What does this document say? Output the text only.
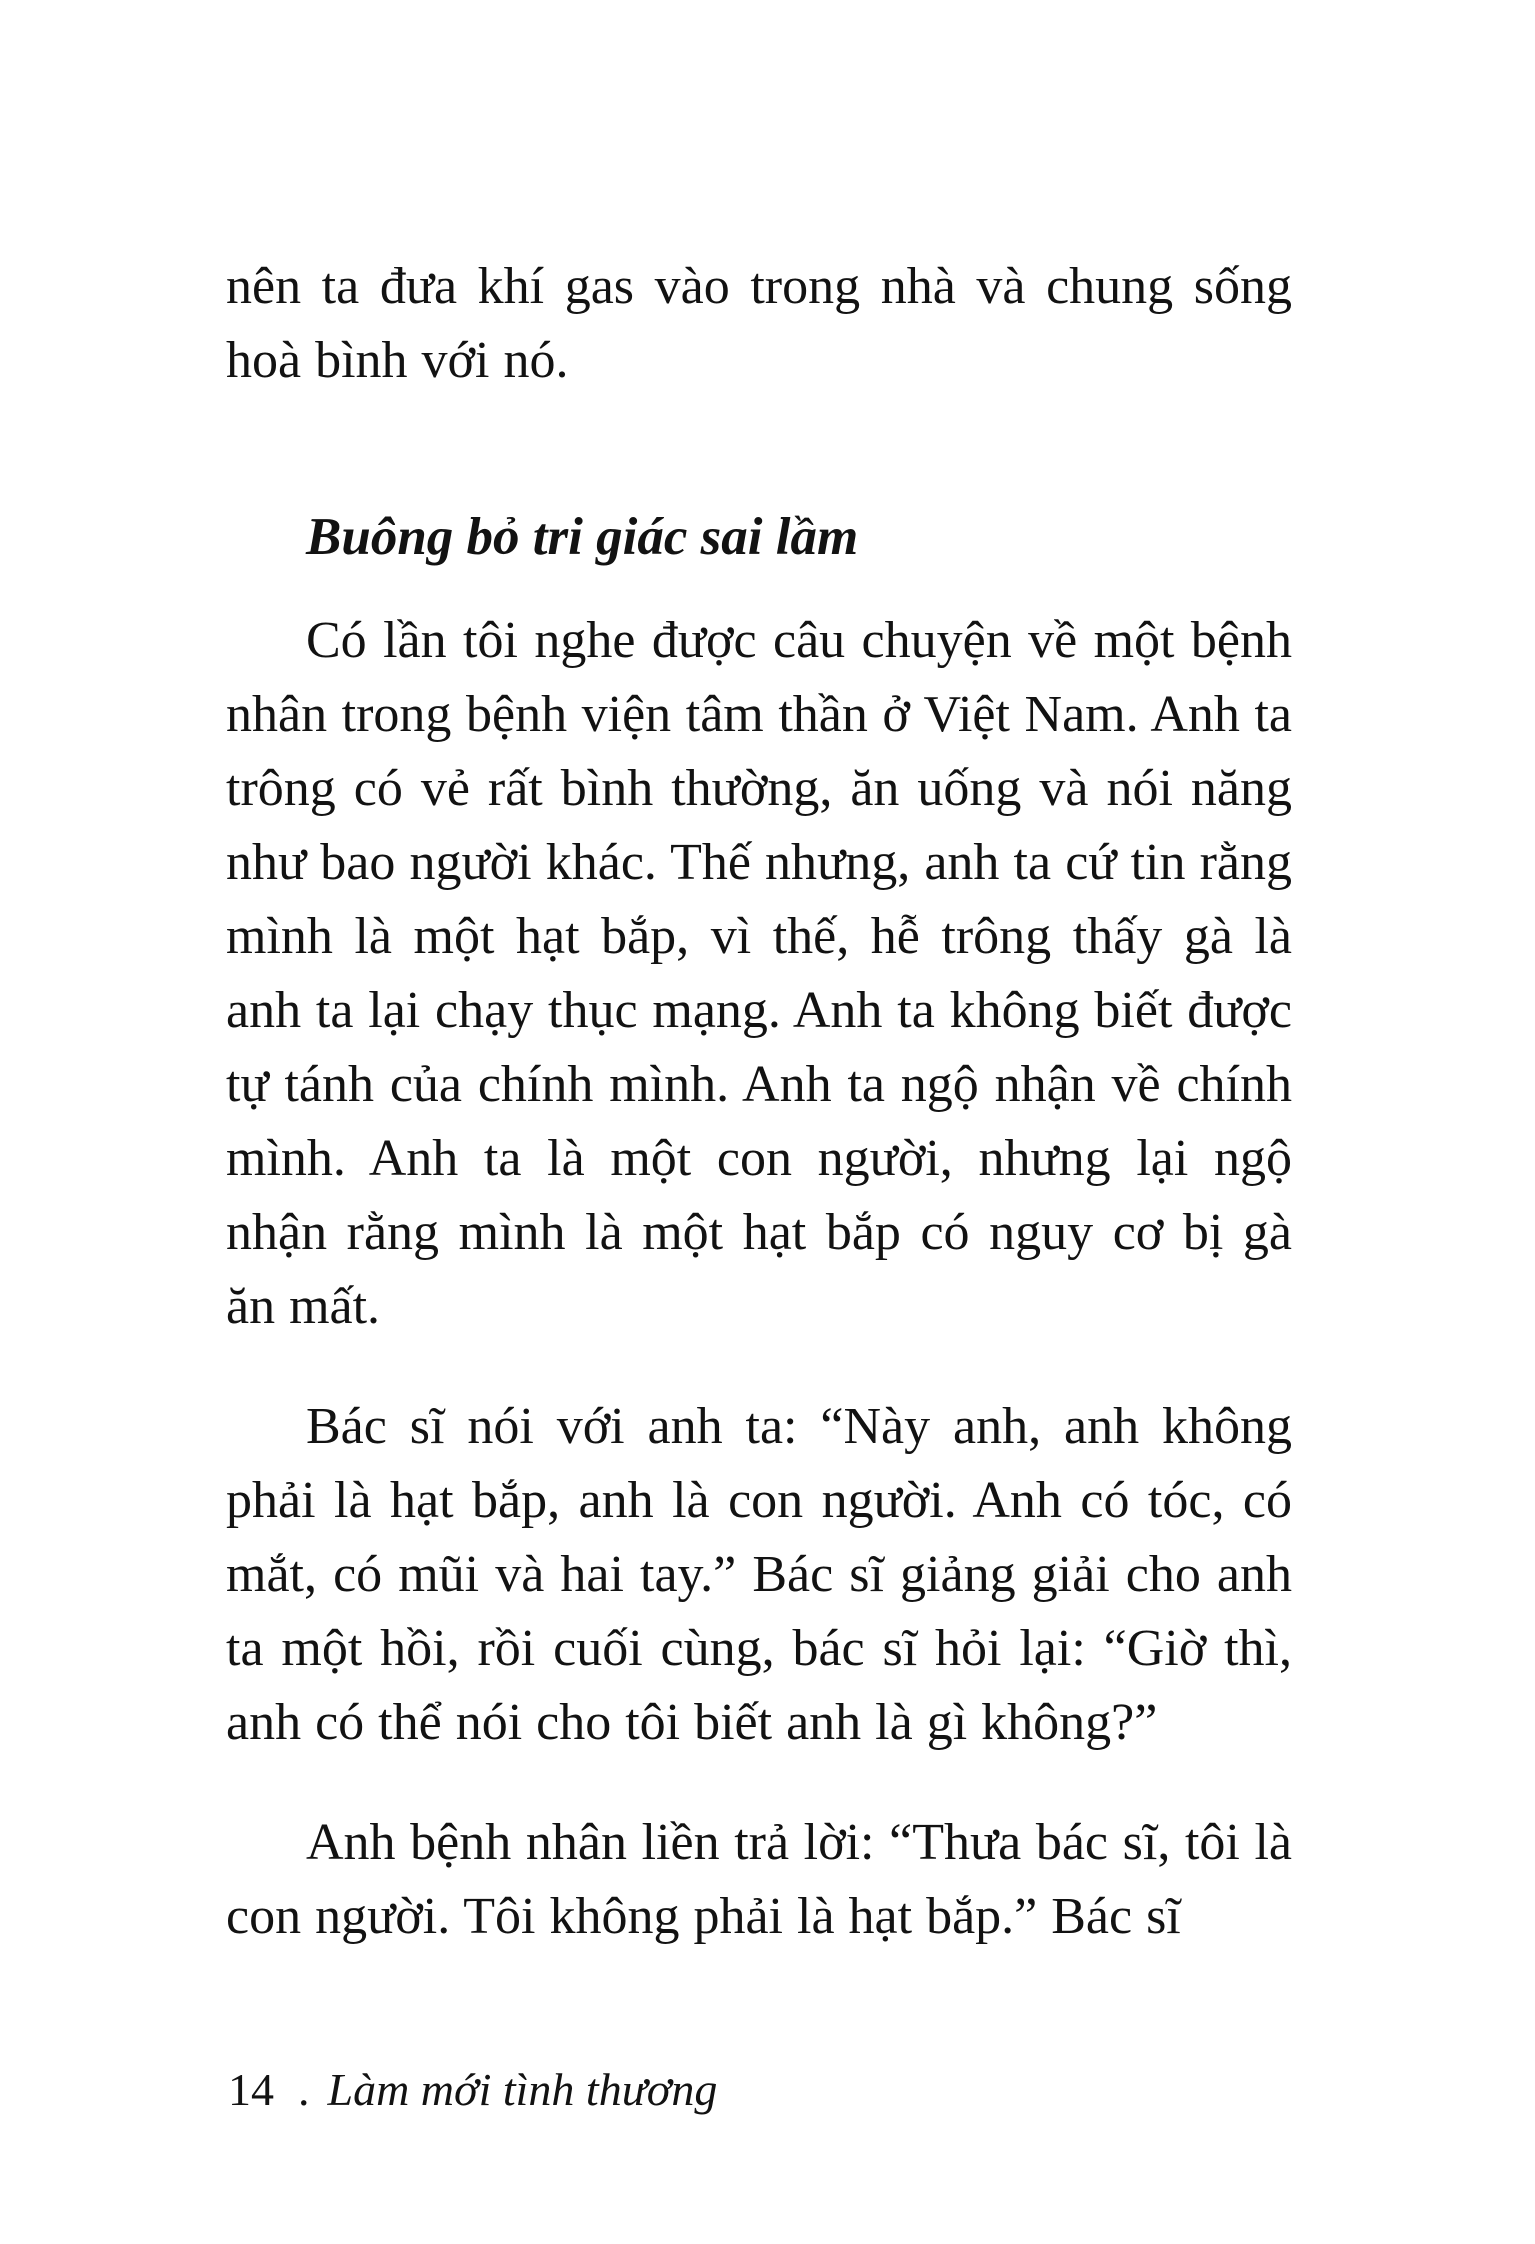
nên ta đưa khí gas vào trong nhà và chung sống hoà bình với nó.

Buông bỏ tri giác sai lầm

Có lần tôi nghe được câu chuyện về một bệnh nhân trong bệnh viện tâm thần ở Việt Nam. Anh ta trông có vẻ rất bình thường, ăn uống và nói năng như bao người khác. Thế nhưng, anh ta cứ tin rằng mình là một hạt bắp, vì thế, hễ trông thấy gà là anh ta lại chạy thục mạng. Anh ta không biết được tự tánh của chính mình. Anh ta ngộ nhận về chính mình. Anh ta là một con người, nhưng lại ngộ nhận rằng mình là một hạt bắp có nguy cơ bị gà ăn mất.

Bác sĩ nói với anh ta: “Này anh, anh không phải là hạt bắp, anh là con người. Anh có tóc, có mắt, có mũi và hai tay.” Bác sĩ giảng giải cho anh ta một hồi, rồi cuối cùng, bác sĩ hỏi lại: “Giờ thì, anh có thể nói cho tôi biết anh là gì không?”

Anh bệnh nhân liền trả lời: “Thưa bác sĩ, tôi là con người. Tôi không phải là hạt bắp.” Bác sĩ

14 . Làm mới tình thương
